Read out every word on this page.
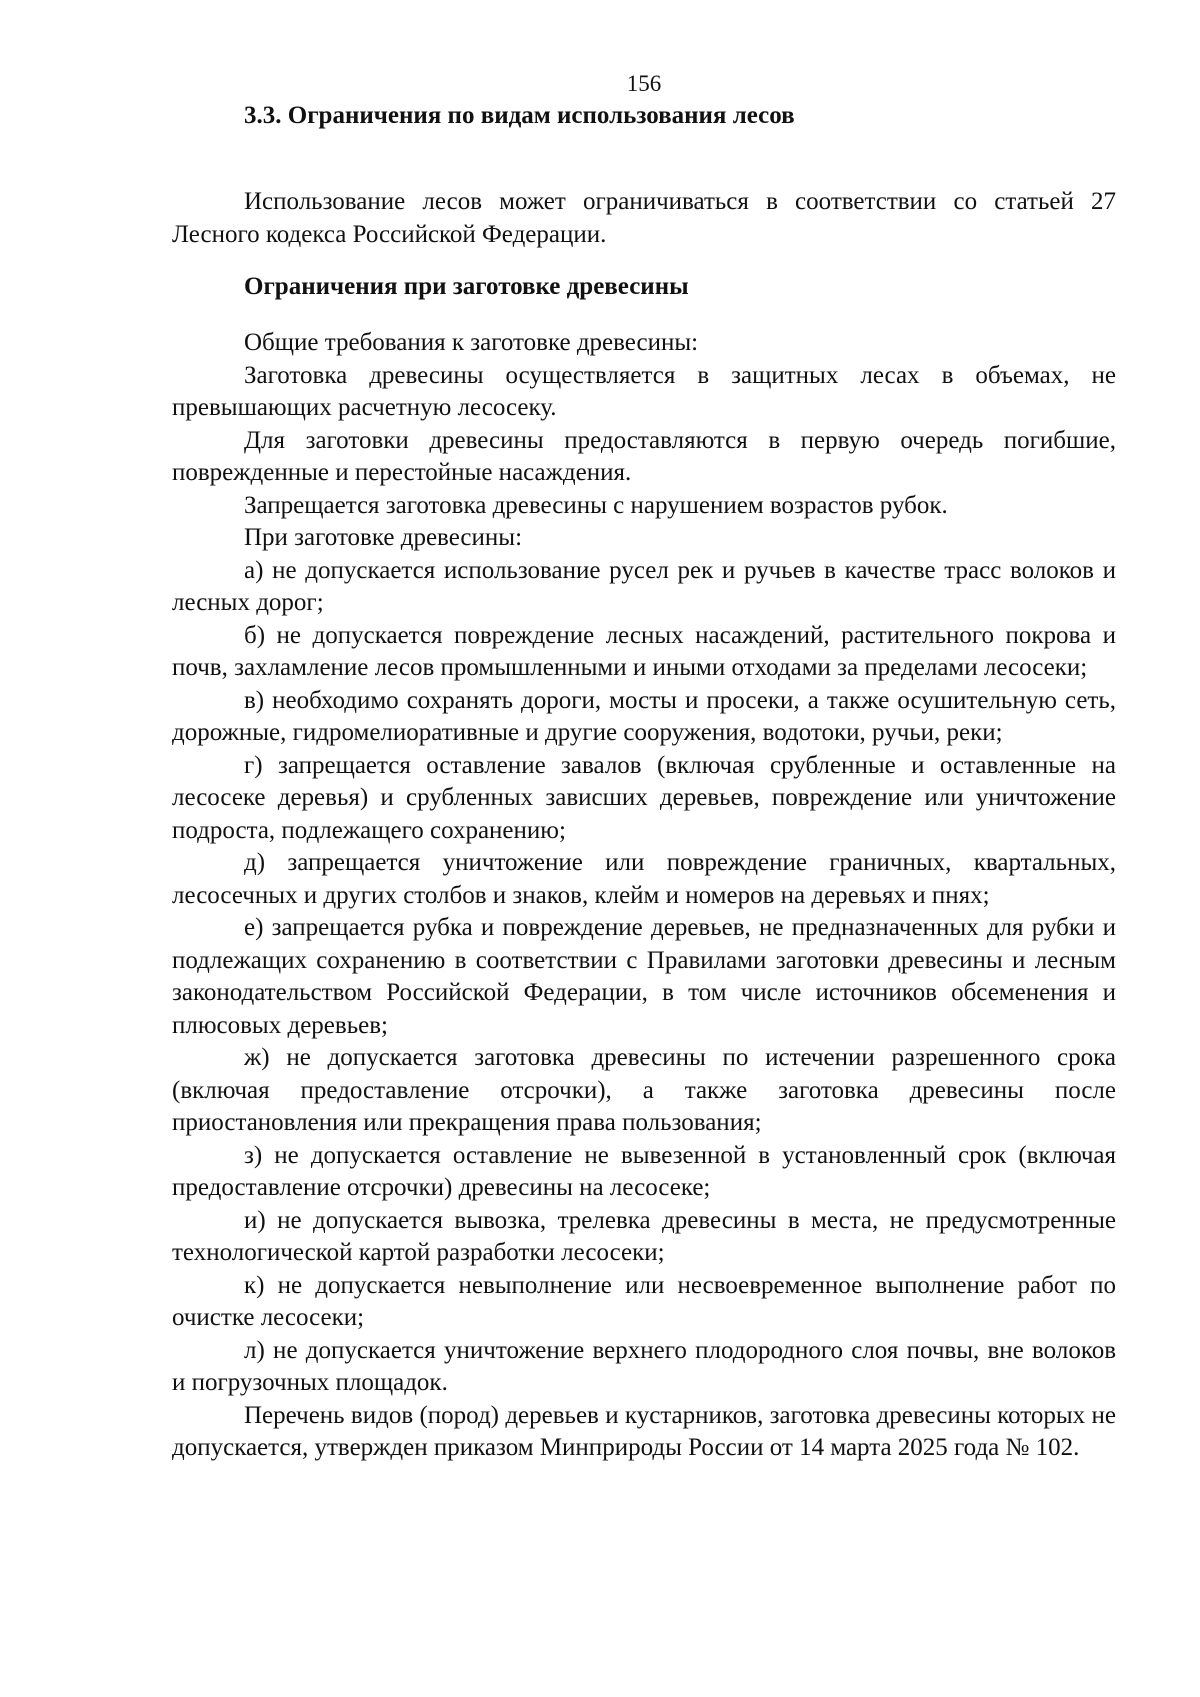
156
3.3. Ограничения по видам использования лесов

Использование лесов может ограничиваться в соответствии со статьей 27 Лесного кодекса Российской Федерации.

Ограничения при заготовке древесины

Общие требования к заготовке древесины:

Заготовка древесины осуществляется в защитных лесах в объемах, не превышающих расчетную лесосеку.

Для заготовки древесины предоставляются в первую очередь погибшие, поврежденные и перестойные насаждения.

Запрещается заготовка древесины с нарушением возрастов рубок.

При заготовке древесины:

а) не допускается использование русел рек и ручьев в качестве трасс волоков и лесных дорог;

б) не допускается повреждение лесных насаждений, растительного покрова и почв, захламление лесов промышленными и иными отходами за пределами лесосеки;

в) необходимо сохранять дороги, мосты и просеки, а также осушительную сеть, дорожные, гидромелиоративные и другие сооружения, водотоки, ручьи, реки;

г) запрещается оставление завалов (включая срубленные и оставленные на лесосеке деревья) и срубленных зависших деревьев, повреждение или уничтожение подроста, подлежащего сохранению;

д) запрещается уничтожение или повреждение граничных, квартальных, лесосечных и других столбов и знаков, клейм и номеров на деревьях и пнях;

е) запрещается рубка и повреждение деревьев, не предназначенных для рубки и подлежащих сохранению в соответствии с Правилами заготовки древесины и лесным законодательством Российской Федерации, в том числе источников обсеменения и плюсовых деревьев;

ж) не допускается заготовка древесины по истечении разрешенного срока (включая предоставление отсрочки), а также заготовка древесины после приостановления или прекращения права пользования;

з) не допускается оставление не вывезенной в установленный срок (включая предоставление отсрочки) древесины на лесосеке;

и) не допускается вывозка, трелевка древесины в места, не предусмотренные технологической картой разработки лесосеки;

к) не допускается невыполнение или несвоевременное выполнение работ по очистке лесосеки;

л) не допускается уничтожение верхнего плодородного слоя почвы, вне волоков и погрузочных площадок.

Перечень видов (пород) деревьев и кустарников, заготовка древесины которых не допускается, утвержден приказом Минприроды России от 14 марта 2025 года № 102.
